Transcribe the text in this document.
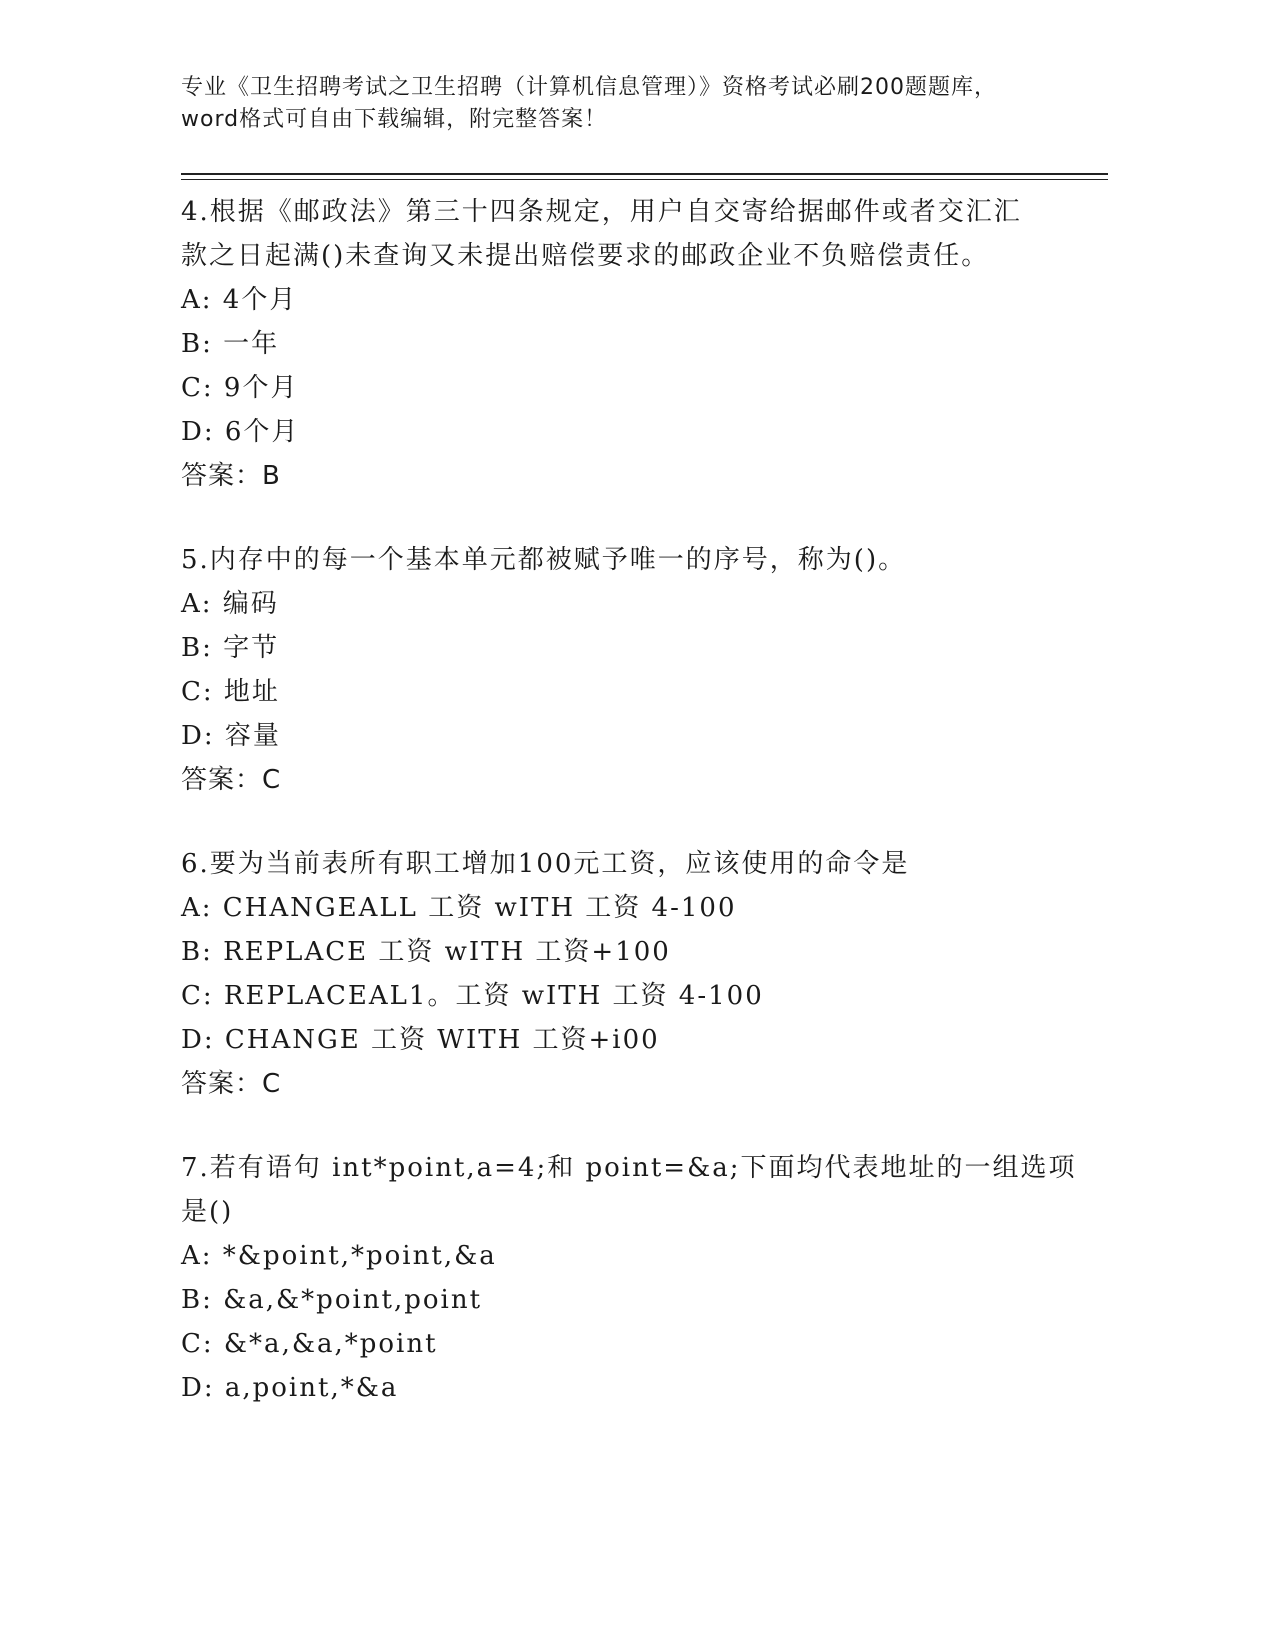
专业《卫生招聘考试之卫生招聘（计算机信息管理）》资格考试必刷200题题库，
word格式可自由下载编辑，附完整答案！
4.根据《邮政法》第三十四条规定，用户自交寄给据邮件或者交汇汇
款之日起满()未查询又未提出赔偿要求的邮政企业不负赔偿责任。
A: 4个月
B: 一年
C: 9个月
D: 6个月
答案：B
5.内存中的每一个基本单元都被赋予唯一的序号，称为()。
A: 编码
B: 字节
C: 地址
D: 容量
答案：C
6.要为当前表所有职工增加100元工资，应该使用的命令是
A: CHANGEALL 工资 wITH 工资 4-100
B: REPLACE 工资 wITH 工资+100
C: REPLACEAL1。工资 wITH 工资 4-100
D: CHANGE 工资 WITH 工资+i00
答案：C
7.若有语句 int*point,a=4;和 point=&a;下面均代表地址的一组选项
是()
A: *&point,*point,&a
B: &a,&*point,point
C: &*a,&a,*point
D: a,point,*&a
